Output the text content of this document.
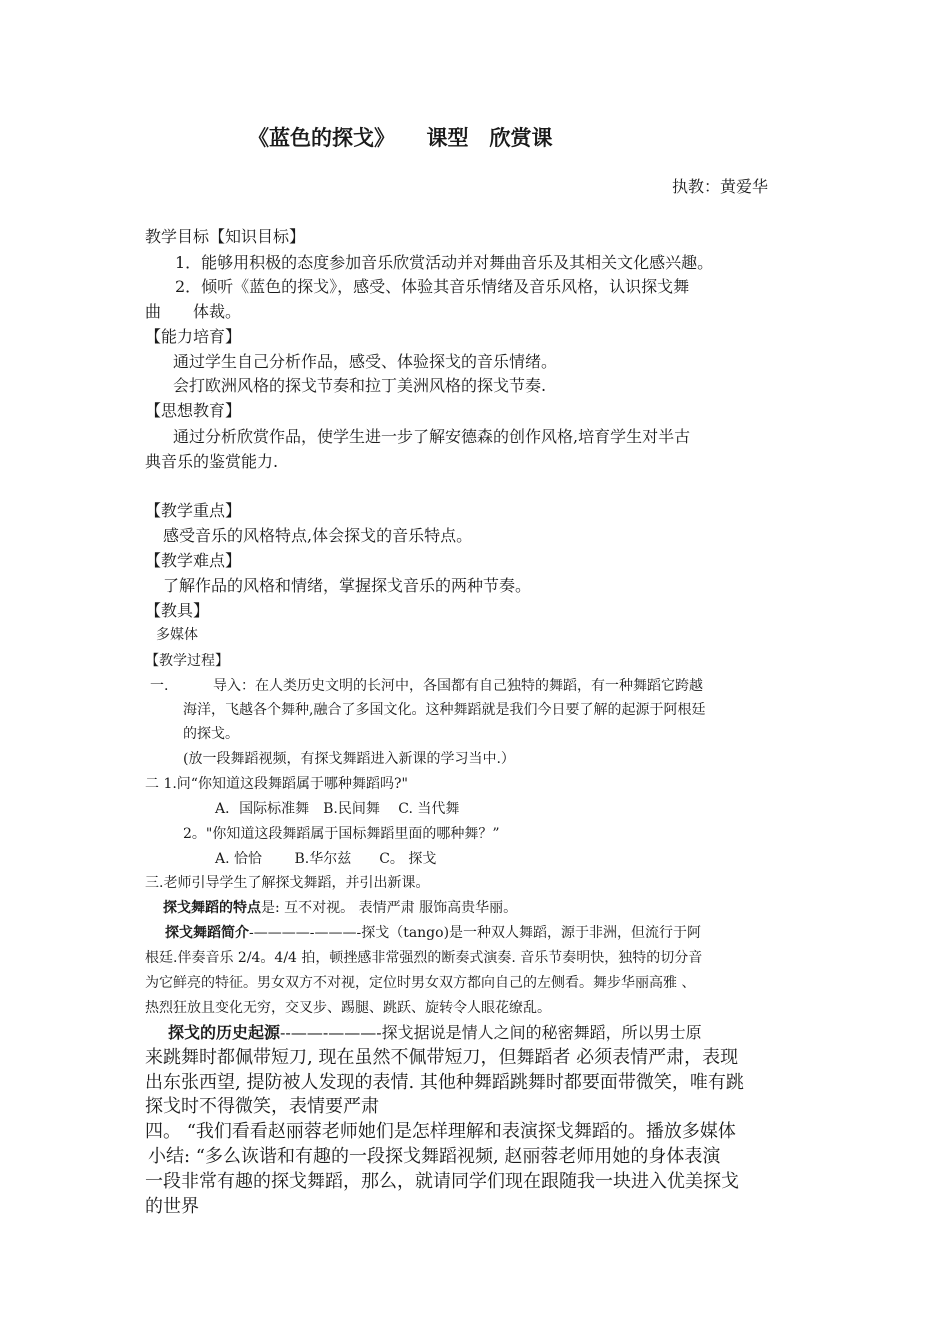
《蓝色的探戈》　　课型　欣赏课
执教：黄爱华
教学目标【知识目标】
1．能够用积极的态度参加音乐欣赏活动并对舞曲音乐及其相关文化感兴趣。
2．倾听《蓝色的探戈》，感受、体验其音乐情绪及音乐风格，认识探戈舞
曲　　体裁。
【能力培育】
通过学生自己分析作品，感受、体验探戈的音乐情绪。
会打欧洲风格的探戈节奏和拉丁美洲风格的探戈节奏.
【思想教育】
通过分析欣赏作品，使学生进一步了解安德森的创作风格,培育学生对半古
典音乐的鉴赏能力.
【教学重点】
感受音乐的风格特点,体会探戈的音乐特点。
【教学难点】
了解作品的风格和情绪，掌握探戈音乐的两种节奏。
【教具】
多媒体
【教学过程】
一.	导入：在人类历史文明的长河中，各国都有自己独特的舞蹈，有一种舞蹈它跨越
海洋，飞越各个舞种,融合了多国文化。这种舞蹈就是我们今日要了解的起源于阿根廷
的探戈。
(放一段舞蹈视频，有探戈舞蹈进入新课的学习当中.）
二 1.问“你知道这段舞蹈属于哪种舞蹈吗?"
A．国际标准舞　B.民间舞　 C. 当代舞
2。"你知道这段舞蹈属于国标舞蹈里面的哪种舞？”
A. 恰恰　　 B.华尔兹　　C。 探戈
三.老师引导学生了解探戈舞蹈，并引出新课。
探戈舞蹈的特点是: 互不对视。 表情严肃 服饰高贵华丽。
探戈舞蹈简介-————-———-探戈（tango)是一种双人舞蹈，源于非洲，但流行于阿
根廷.伴奏音乐 2/4。4/4 拍，顿挫感非常强烈的断奏式演奏. 音乐节奏明快，独特的切分音
为它鲜亮的特征。男女双方不对视，定位时男女双方都向自己的左侧看。舞步华丽高雅 、
热烈狂放且变化无穷，交叉步、踢腿、跳跃、旋转令人眼花缭乱。
探戈的历史起源--——-———-探戈据说是情人之间的秘密舞蹈，所以男士原
来跳舞时都佩带短刀, 现在虽然不佩带短刀，但舞蹈者 必须表情严肃，表现
出东张西望, 提防被人发现的表情. 其他种舞蹈跳舞时都要面带微笑，唯有跳
探戈时不得微笑，表情要严肃
四。 “我们看看赵丽蓉老师她们是怎样理解和表演探戈舞蹈的。播放多媒体
小结: “多么诙谐和有趣的一段探戈舞蹈视频, 赵丽蓉老师用她的身体表演
一段非常有趣的探戈舞蹈，那么，就请同学们现在跟随我一块进入优美探戈
的世界
